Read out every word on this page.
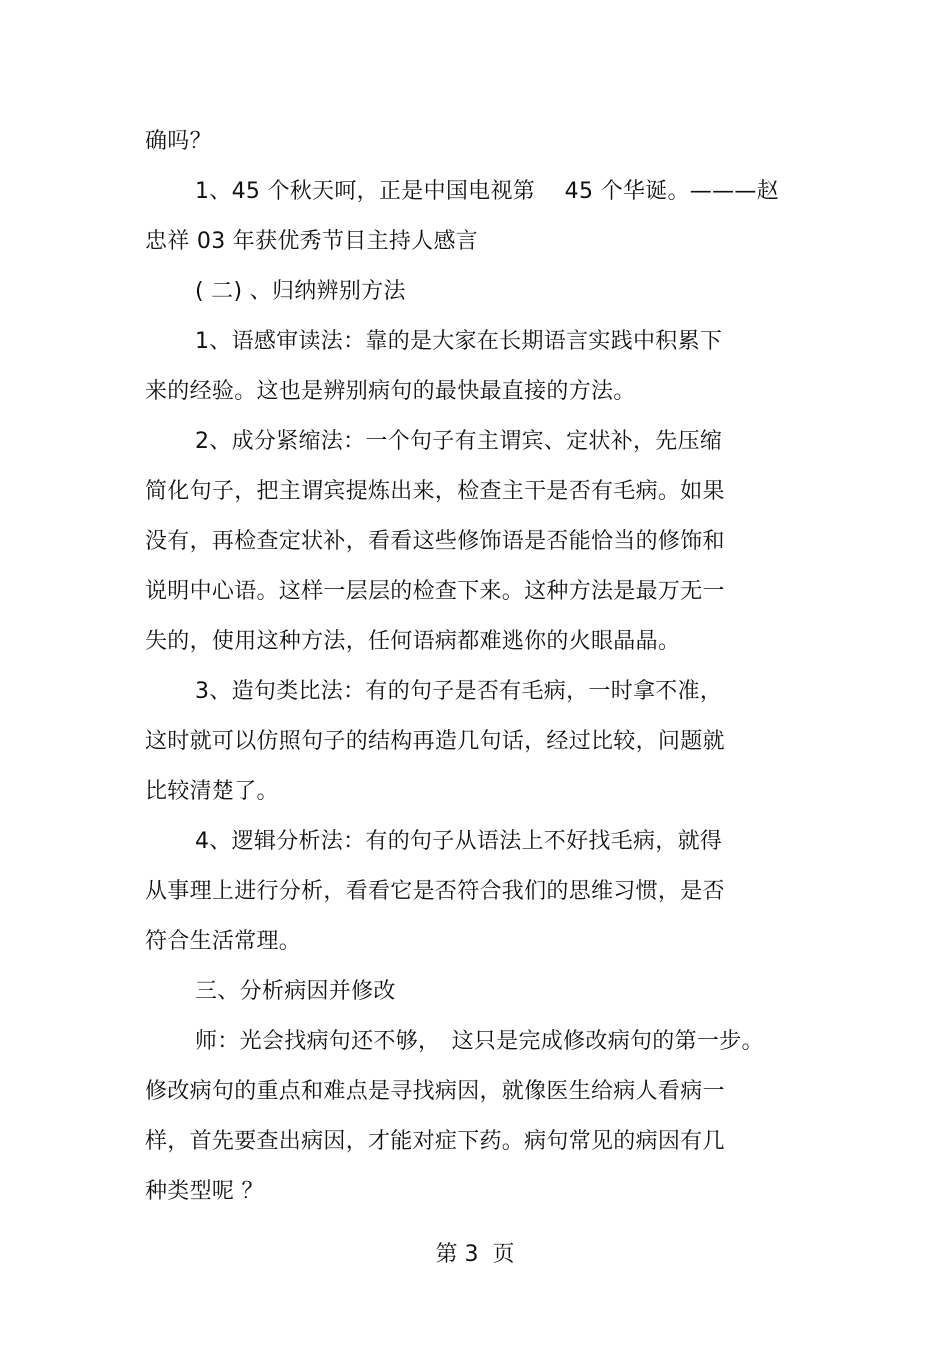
确吗？
1、45 个秋天呵，正是中国电视第　 45 个华诞。———赵
忠祥 03 年获优秀节目主持人感言
( 二) 、归纳辨别方法
1、语感审读法：靠的是大家在长期语言实践中积累下
来的经验。这也是辨别病句的最快最直接的方法。
2、成分紧缩法：一个句子有主谓宾、定状补，先压缩
简化句子，把主谓宾提炼出来，检查主干是否有毛病。如果
没有，再检查定状补，看看这些修饰语是否能恰当的修饰和
说明中心语。这样一层层的检查下来。这种方法是最万无一
失的，使用这种方法，任何语病都难逃你的火眼晶晶。
3、造句类比法：有的句子是否有毛病，一时拿不准，
这时就可以仿照句子的结构再造几句话，经过比较，问题就
比较清楚了。
4、逻辑分析法：有的句子从语法上不好找毛病，就得
从事理上进行分析，看看它是否符合我们的思维习惯，是否
符合生活常理。
三、分析病因并修改
师：光会找病句还不够，　这只是完成修改病句的第一步。
修改病句的重点和难点是寻找病因，就像医生给病人看病一
样，首先要查出病因，才能对症下药。病句常见的病因有几
种类型呢 ？
第 3  页
